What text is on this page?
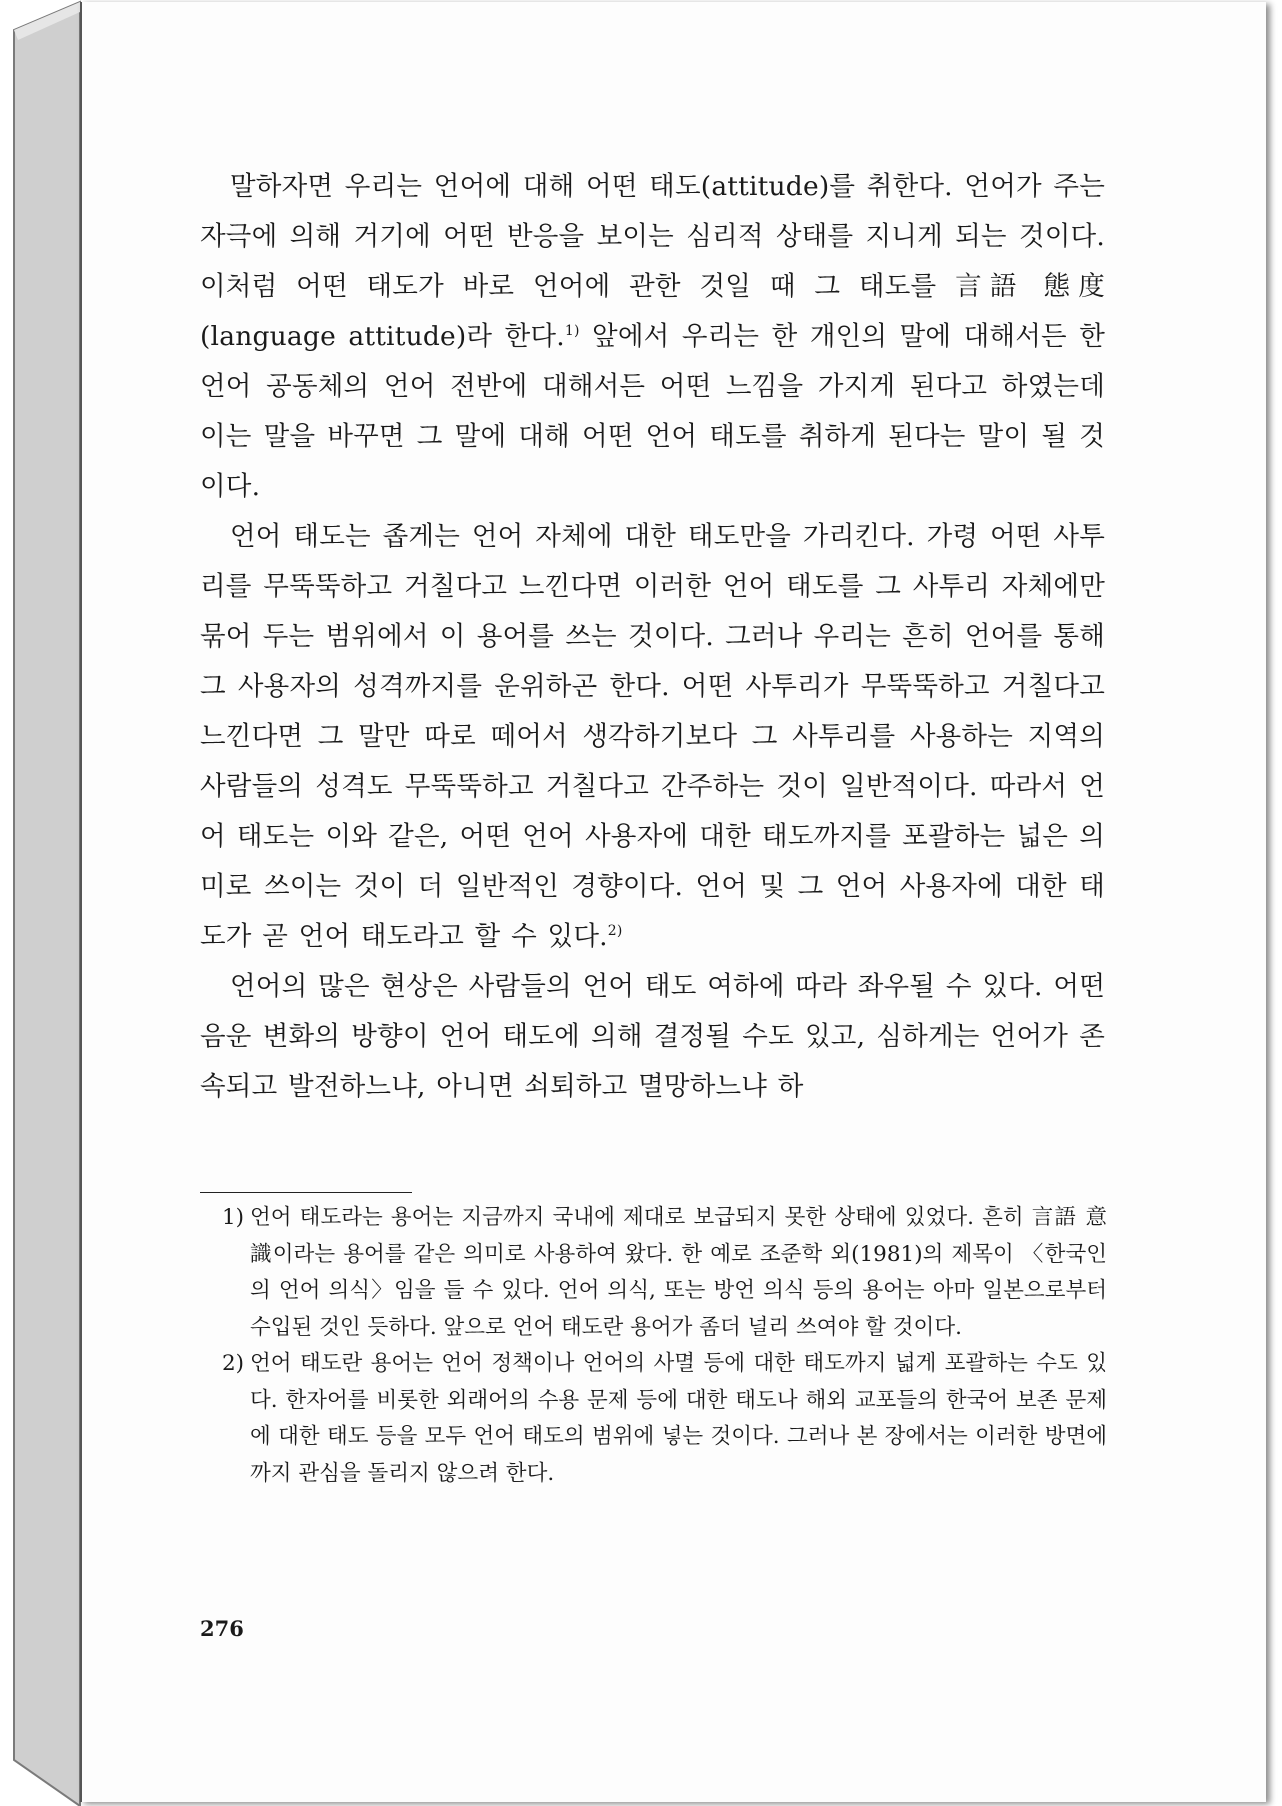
말하자면 우리는 언어에 대해 어떤 태도(attitude)를 취한다. 언어가 주는 자극에 의해 거기에 어떤 반응을 보이는 심리적 상태를 지니게 되는 것이다. 이처럼 어떤 태도가 바로 언어에 관한 것일 때 그 태도를 言語 態度(language attitude)라 한다.$^{1)}$ 앞에서 우리는 한 개인의 말에 대해서든 한 언어 공동체의 언어 전반에 대해서든 어떤 느낌을 가지게 된다고 하였는데 이는 말을 바꾸면 그 말에 대해 어떤 언어 태도를 취하게 된다는 말이 될 것이다.

언어 태도는 좁게는 언어 자체에 대한 태도만을 가리킨다. 가령 어떤 사투리를 무뚝뚝하고 거칠다고 느낀다면 이러한 언어 태도를 그 사투리 자체에만 묶어 두는 범위에서 이 용어를 쓰는 것이다. 그러나 우리는 흔히 언어를 통해 그 사용자의 성격까지를 운위하곤 한다. 어떤 사투리가 무뚝뚝하고 거칠다고 느낀다면 그 말만 따로 떼어서 생각하기보다 그 사투리를 사용하는 지역의 사람들의 성격도 무뚝뚝하고 거칠다고 간주하는 것이 일반적이다. 따라서 언어 태도는 이와 같은, 어떤 언어 사용자에 대한 태도까지를 포괄하는 넓은 의미로 쓰이는 것이 더 일반적인 경향이다. 언어 및 그 언어 사용자에 대한 태도가 곧 언어 태도라고 할 수 있다.$^{2)}$

언어의 많은 현상은 사람들의 언어 태도 여하에 따라 좌우될 수 있다. 어떤 음운 변화의 방향이 언어 태도에 의해 결정될 수도 있고, 심하게는 언어가 존속되고 발전하느냐, 아니면 쇠퇴하고 멸망하느냐 하

1) 언어 태도라는 용어는 지금까지 국내에 제대로 보급되지 못한 상태에 있었다. 흔히 言語 意識이라는 용어를 같은 의미로 사용하여 왔다. 한 예로 조준학 외(1981)의 제목이 〈한국인의 언어 의식〉임을 들 수 있다. 언어 의식, 또는 방언 의식 등의 용어는 아마 일본으로부터 수입된 것인 듯하다. 앞으로 언어 태도란 용어가 좀더 널리 쓰여야 할 것이다.

2) 언어 태도란 용어는 언어 정책이나 언어의 사멸 등에 대한 태도까지 넓게 포괄하는 수도 있다. 한자어를 비롯한 외래어의 수용 문제 등에 대한 태도나 해외 교포들의 한국어 보존 문제에 대한 태도 등을 모두 언어 태도의 범위에 넣는 것이다. 그러나 본 장에서는 이러한 방면에까지 관심을 돌리지 않으려 한다.

276
